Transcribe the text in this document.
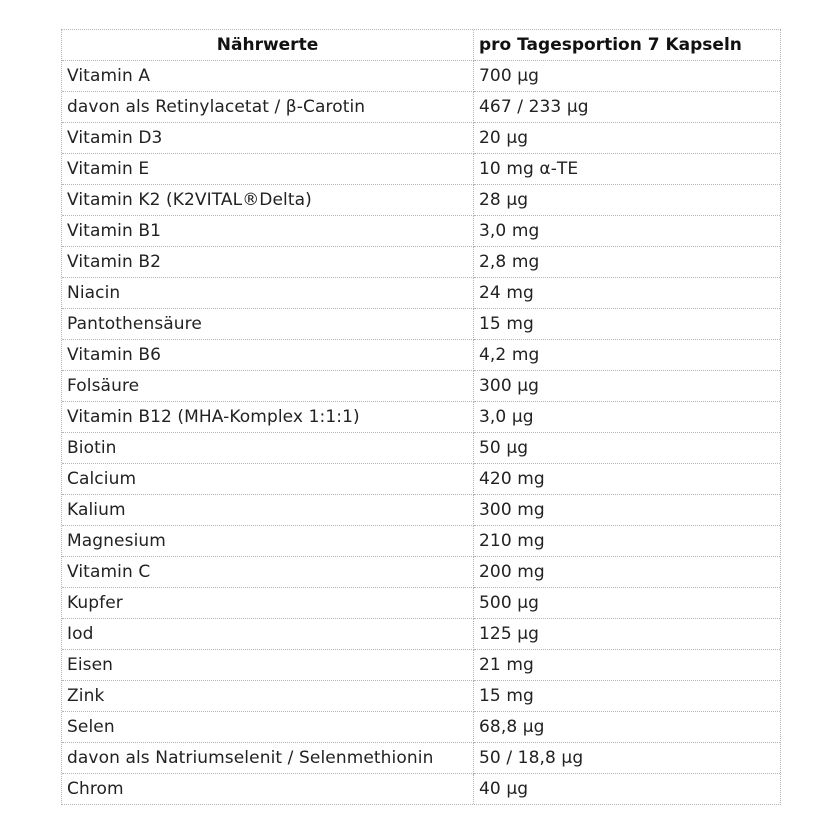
Nährwerte	pro Tagesportion 7 Kapseln
Vitamin A	700 µg
davon als Retinylacetat / β-Carotin	467 / 233 µg
Vitamin D3	20 µg
Vitamin E	10 mg α-TE
Vitamin K2 (K2VITAL®Delta)	28 µg
Vitamin B1	3,0 mg
Vitamin B2	2,8 mg
Niacin	24 mg
Pantothensäure	15 mg
Vitamin B6	4,2 mg
Folsäure	300 µg
Vitamin B12 (MHA-Komplex 1:1:1)	3,0 µg
Biotin	50 µg
Calcium	420 mg
Kalium	300 mg
Magnesium	210 mg
Vitamin C	200 mg
Kupfer	500 µg
Iod	125 µg
Eisen	21 mg
Zink	15 mg
Selen	68,8 µg
davon als Natriumselenit / Selenmethionin	50 / 18,8 µg
Chrom	40 µg
